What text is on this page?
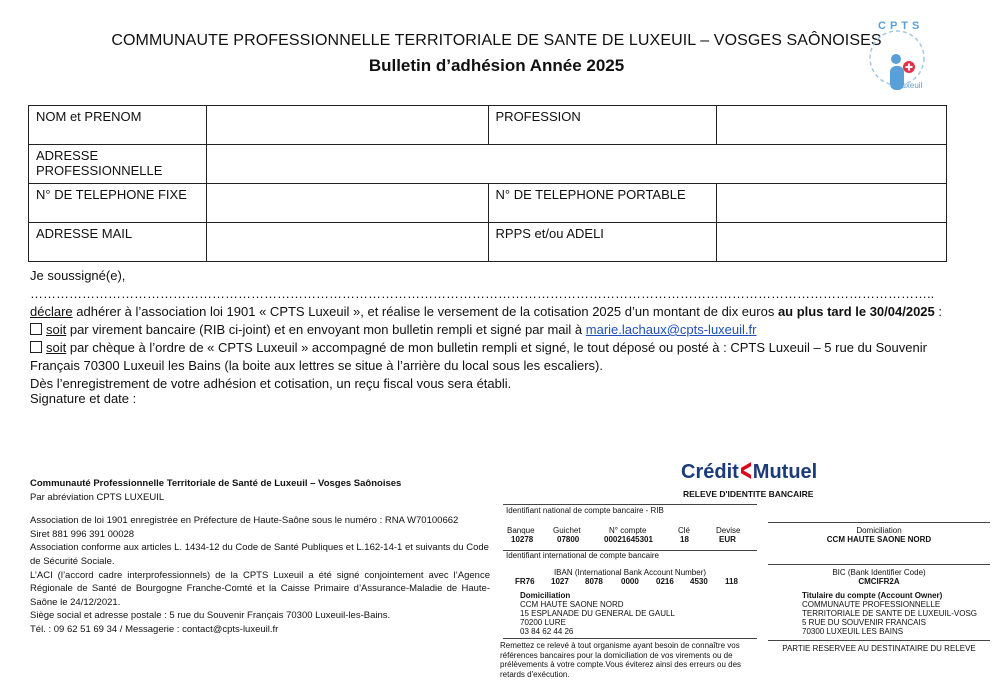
COMMUNAUTE PROFESSIONNELLE TERRITORIALE DE SANTE DE LUXEUIL – VOSGES SAÔNOISES
Bulletin d’adhésion Année 2025
CPTS
Luxeuil
NOM et PRENOM		PROFESSION	
ADRESSE PROFESSIONNELLE			
N° DE TELEPHONE FIXE		N° DE TELEPHONE PORTABLE	
ADRESSE MAIL		RPPS et/ou ADELI	

Je soussigné(e), ………………………………………………………………………………………………………………………………………………………………………………………..

déclare adhérer à l’association loi 1901 « CPTS Luxeuil », et réalise le versement de la cotisation 2025 d’un montant de dix euros au plus tard le 30/04/2025 :

soit par virement bancaire (RIB ci-joint) et en envoyant mon bulletin rempli et signé par mail à marie.lachaux@cpts-luxeuil.fr

soit par chèque à l’ordre de « CPTS Luxeuil » accompagné de mon bulletin rempli et signé, le tout déposé ou posté à : CPTS Luxeuil – 5 rue du Souvenir Français 70300 Luxeuil les Bains (la boite aux lettres se situe à l’arrière du local sous les escaliers).

Dès l’enregistrement de votre adhésion et cotisation, un reçu fiscal vous sera établi.

Signature et date :
Communauté Professionnelle Territoriale de Santé de Luxeuil – Vosges Saônoises
Par abréviation CPTS LUXEUIL
Association de loi 1901 enregistrée en Préfecture de Haute-Saône sous le numéro : RNA W70100662
Siret 881 996 391 00028
Association conforme aux articles L. 1434-12 du Code de Santé Publiques et L.162-14-1 et suivants du Code de Sécurité Sociale.
L’ACI (l’accord cadre interprofessionnels) de la CPTS Luxeuil a été signé conjointement avec l’Agence Régionale de Santé de Bourgogne Franche-Comté et la Caisse Primaire d’Assurance-Maladie de Haute-Saône le 24/12/2021.
Siège social et adresse postale : 5 rue du Souvenir Français 70300 Luxeuil-les-Bains.
Tél. : 09 62 51 69 34 / Messagerie : contact@cpts-luxeuil.fr
Crédit Mutuel
RELEVE D'IDENTITE BANCAIRE
Identifiant national de compte bancaire - RIB
Banque Guichet	N° compte	Clé	Devise
10278	07800	00021645301	18	EUR
Domiciliation
CCM HAUTE SAONE NORD
Identifiant international de compte bancaire
IBAN (International Bank Account Number)
FR76 1027 8078 0000 0216 4530 118
BIC (Bank Identifier Code)
CMCIFR2A
Domiciliation
CCM HAUTE SAONE NORD
15 ESPLANADE DU GENERAL DE GAULL
70200 LURE
03 84 62 44 26
Titulaire du compte (Account Owner)
COMMUNAUTE PROFESSIONNELLE
TERRITORIALE DE SANTE DE LUXEUIL-VOSG
5 RUE DU SOUVENIR FRANCAIS
70300 LUXEUIL LES BAINS
Remettez ce relevé à tout organisme ayant besoin de connaître vos références bancaires pour la domiciliation de vos virements ou de prélèvements à votre compte.Vous éviterez ainsi des erreurs ou des retards d'exécution.
PARTIE RESERVEE AU DESTINATAIRE DU RELEVE
